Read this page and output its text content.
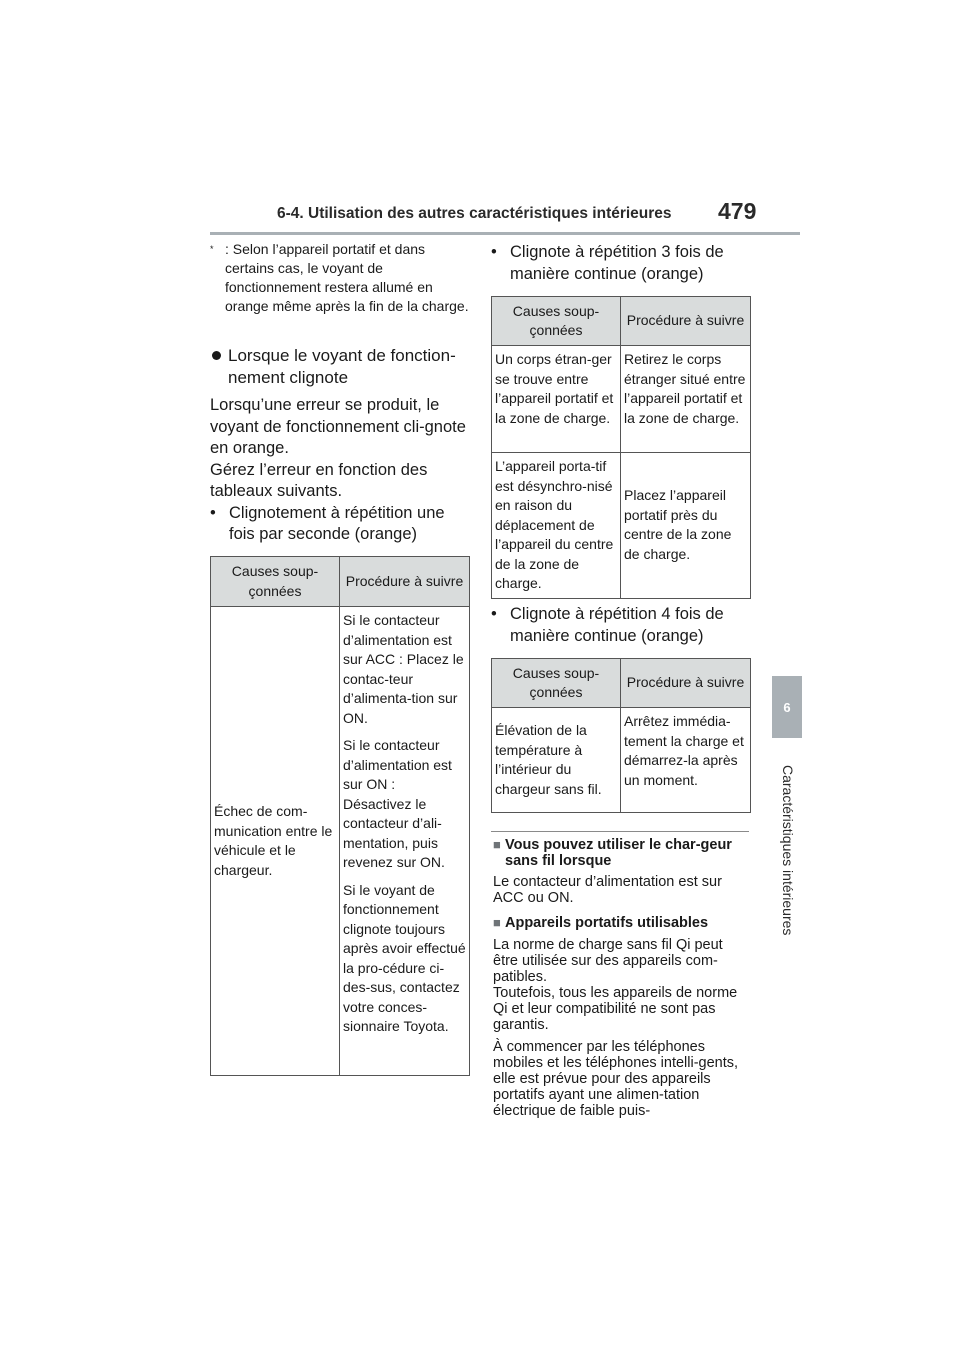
6-4. Utilisation des autres caractéristiques intérieures 479
6
Caractéristiques intérieures
* : Selon l’appareil portatif et dans certains cas, le voyant de fonctionnement restera allumé en orange même après la fin de la charge.
Lorsque le voyant de fonction-nement clignote
Lorsqu’une erreur se produit, le voyant de fonctionnement cli-gnote en orange.
Gérez l’erreur en fonction des tableaux suivants.
• Clignotement à répétition une fois par seconde (orange)
Causes soup-çonnées	Procédure à suivre
Échec de com-munication entre le véhicule et le chargeur.	Si le contacteur d’alimentation est sur ACC : Placez le contac-teur d’alimenta-tion sur ON.

Si le contacteur d’alimentation est sur ON : Désactivez le contacteur d’ali-mentation, puis revenez sur ON.

Si le voyant de fonctionnement clignote toujours après avoir effectué la pro-cédure ci-des-sus, contactez votre conces-sionnaire Toyota.

• Clignote à répétition 3 fois de manière continue (orange)
Causes soup-çonnées	Procédure à suivre
Un corps étran-ger se trouve entre l’appareil portatif et la zone de charge.	Retirez le corps étranger situé entre l’appareil portatif et la zone de charge.
L’appareil porta-tif est désynchro-nisé en raison du déplacement de l’appareil du centre de la zone de charge.	Placez l’appareil portatif près du centre de la zone de charge.
• Clignote à répétition 4 fois de manière continue (orange)
Causes soup-çonnées	Procédure à suivre
Élévation de la température à l’intérieur du chargeur sans fil.	Arrêtez immédia-tement la charge et démarrez-la après un moment.
■ Vous pouvez utiliser le char-geur sans fil lorsque
Le contacteur d’alimentation est sur ACC ou ON.
■ Appareils portatifs utilisables
La norme de charge sans fil Qi peut être utilisée sur des appareils com-patibles.
Toutefois, tous les appareils de norme Qi et leur compatibilité ne sont pas garantis.
À commencer par les téléphones mobiles et les téléphones intelli-gents, elle est prévue pour des appareils portatifs ayant une alimen-tation électrique de faible puis-
